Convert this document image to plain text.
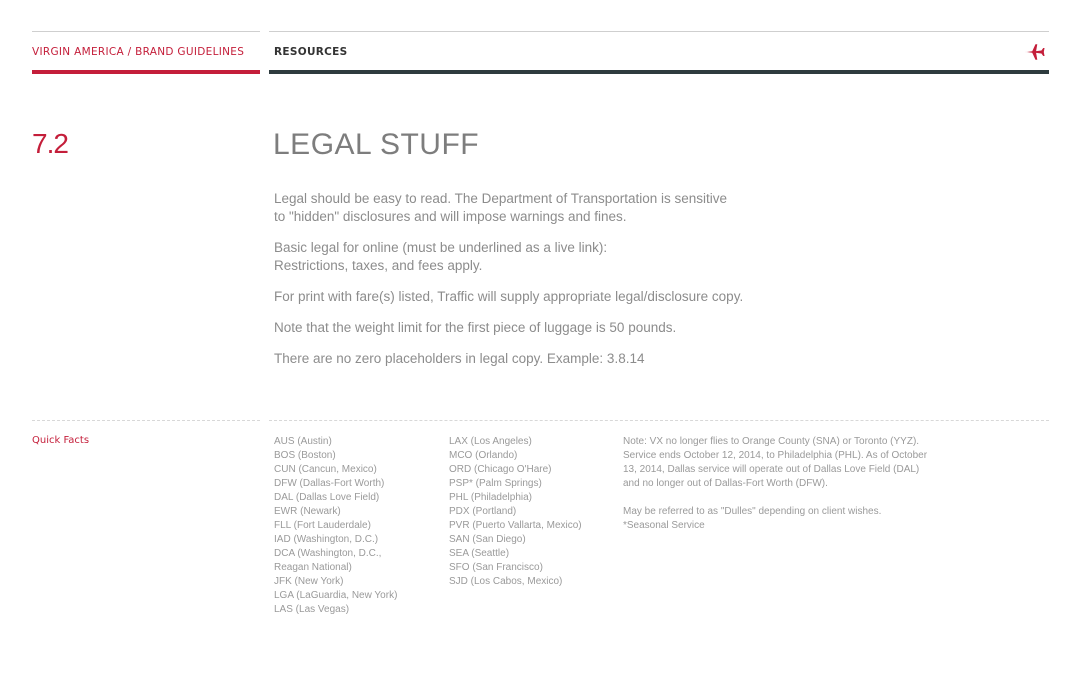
VIRGIN AMERICA / BRAND GUIDELINES	RESOURCES
7.2	LEGAL STUFF

Legal should be easy to read. The Department of Transportation is sensitive
to "hidden" disclosures and will impose warnings and fines.

Basic legal for online (must be underlined as a live link):
Restrictions, taxes, and fees apply.

For print with fare(s) listed, Traffic will supply appropriate legal/disclosure copy.

Note that the weight limit for the first piece of luggage is 50 pounds.

There are no zero placeholders in legal copy. Example: 3.8.14

Quick Facts	AUS (Austin)
BOS (Boston)
CUN (Cancun, Mexico)
DFW (Dallas-Fort Worth)
DAL (Dallas Love Field)
EWR (Newark)
FLL (Fort Lauderdale)
IAD (Washington, D.C.)
DCA (Washington, D.C.,
Reagan National)
JFK (New York)
LGA (LaGuardia, New York)
LAS (Las Vegas)
LAX (Los Angeles)
MCO (Orlando)
ORD (Chicago O'Hare)
PSP* (Palm Springs)
PHL (Philadelphia)
PDX (Portland)
PVR (Puerto Vallarta, Mexico)
SAN (San Diego)
SEA (Seattle)
SFO (San Francisco)
SJD (Los Cabos, Mexico)
Note: VX no longer flies to Orange County (SNA) or Toronto (YYZ).
Service ends October 12, 2014, to Philadelphia (PHL). As of October
13, 2014, Dallas service will operate out of Dallas Love Field (DAL)
and no longer out of Dallas-Fort Worth (DFW).
May be referred to as "Dulles" depending on client wishes.
*Seasonal Service
